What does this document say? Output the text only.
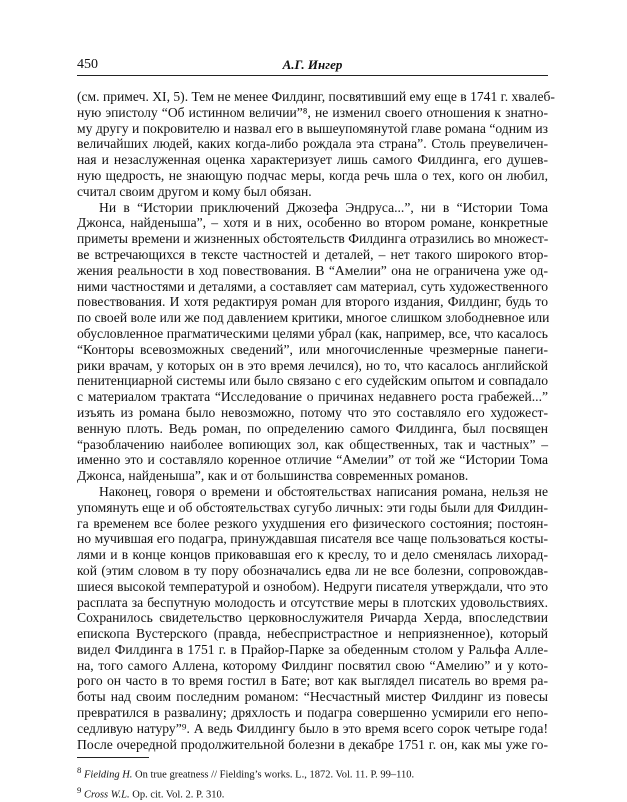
450	А.Г. Ингер
(см. примеч. XI, 5). Тем не менее Филдинг, посвятивший ему еще в 1741 г. хвалеб-
ную эпистолу “Об истинном величии”⁸, не изменил своего отношения к знатно-
му другу и покровителю и назвал его в вышеупомянутой главе романа “одним из
величайших людей, каких когда-либо рождала эта страна”. Столь преувеличен-
ная и незаслуженная оценка характеризует лишь самого Филдинга, его душев-
ную щедрость, не знающую подчас меры, когда речь шла о тех, кого он любил,
считал своим другом и кому был обязан.
Ни в “Истории приключений Джозефа Эндруса...”, ни в “Истории Тома
Джонса, найденыша”, – хотя и в них, особенно во втором романе, конкретные
приметы времени и жизненных обстоятельств Филдинга отразились во множест-
ве встречающихся в тексте частностей и деталей, – нет такого широкого втор-
жения реальности в ход повествования. В “Амелии” она не ограничена уже од-
ними частностями и деталями, а составляет сам материал, суть художественного
повествования. И хотя редактируя роман для второго издания, Филдинг, будь то
по своей воле или же под давлением критики, многое слишком злободневное или
обусловленное прагматическими целями убрал (как, например, все, что касалось
“Конторы всевозможных сведений”, или многочисленные чрезмерные панеги-
рики врачам, у которых он в это время лечился), но то, что касалось английской
пенитенциарной системы или было связано с его судейским опытом и совпадало
с материалом трактата “Исследование о причинах недавнего роста грабежей...”
изъять из романа было невозможно, потому что это составляло его художест-
венную плоть. Ведь роман, по определению самого Филдинга, был посвящен
“разоблачению наиболее вопиющих зол, как общественных, так и частных” –
именно это и составляло коренное отличие “Амелии” от той же “Истории Тома
Джонса, найденыша”, как и от большинства современных романов.
Наконец, говоря о времени и обстоятельствах написания романа, нельзя не
упомянуть еще и об обстоятельствах сугубо личных: эти годы были для Филдин-
га временем все более резкого ухудшения его физического состояния; постоян-
но мучившая его подагра, принуждавшая писателя все чаще пользоваться косты-
лями и в конце концов приковавшая его к креслу, то и дело сменялась лихорад-
кой (этим словом в ту пору обозначались едва ли не все болезни, сопровождав-
шиеся высокой температурой и ознобом). Недруги писателя утверждали, что это
расплата за беспутную молодость и отсутствие меры в плотских удовольствиях.
Сохранилось свидетельство церковнослужителя Ричарда Херда, впоследствии
епископа Вустерского (правда, небеспристрастное и неприязненное), который
видел Филдинга в 1751 г. в Прайор-Парке за обеденным столом у Ральфа Алле-
на, того самого Аллена, которому Филдинг посвятил свою “Амелию” и у кото-
рого он часто в то время гостил в Бате; вот как выглядел писатель во время ра-
боты над своим последним романом: “Несчастный мистер Филдинг из повесы
превратился в развалину; дряхлость и подагра совершенно усмирили его непо-
седливую натуру”⁹. А ведь Филдингу было в это время всего сорок четыре года!
После очередной продолжительной болезни в декабре 1751 г. он, как мы уже го-
$^8$ Fielding H. On true greatness // Fielding’s works. L., 1872. Vol. 11. P. 99–110.
$^9$ Cross W.L. Op. cit. Vol. 2. P. 310.
